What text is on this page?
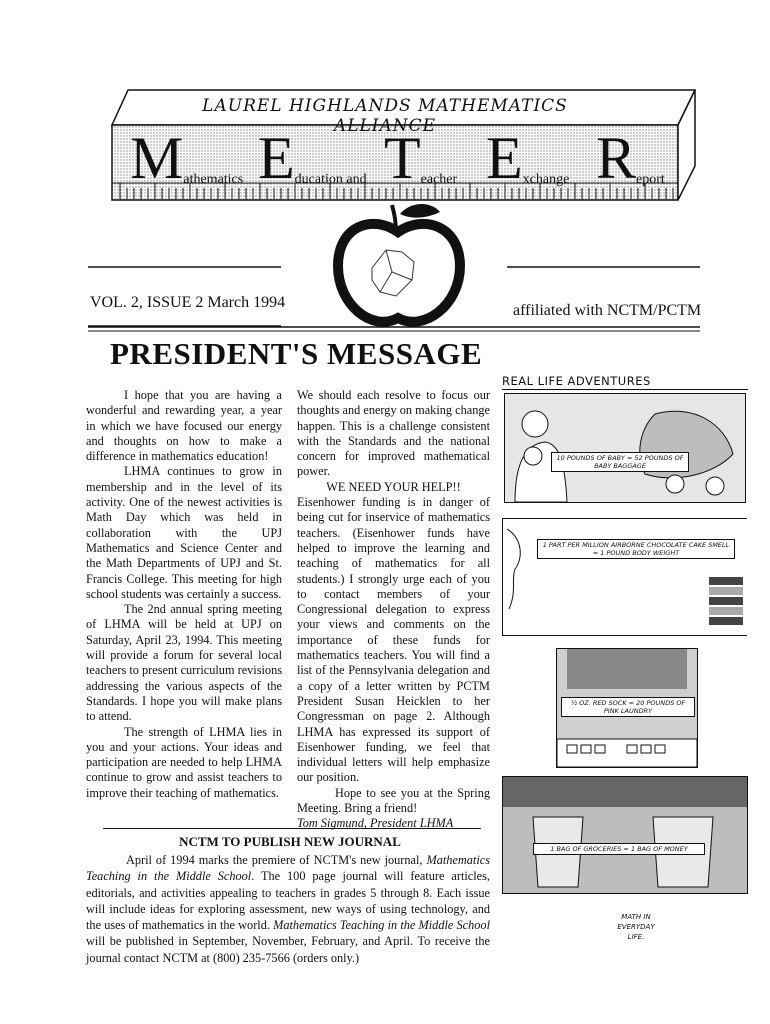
LAUREL HIGHLANDS MATHEMATICS ALLIANCE
M athematics E ducation and T eacher E xchange R eport
VOL. 2, ISSUE 2 March 1994	affiliated with NCTM/PCTM
PRESIDENT'S MESSAGE

I hope that you are having a wonderful and rewarding year, a year in which we have focused our energy and thoughts on how to make a difference in mathematics education!

LHMA continues to grow in membership and in the level of its activity. One of the newest activities is Math Day which was held in collaboration with the UPJ Mathematics and Science Center and the Math Departments of UPJ and St. Francis College. This meeting for high school students was certainly a success.

The 2nd annual spring meeting of LHMA will be held at UPJ on Saturday, April 23, 1994. This meeting will provide a forum for several local teachers to present curriculum revisions addressing the various aspects of the Standards. I hope you will make plans to attend.

The strength of LHMA lies in you and your actions. Your ideas and participation are needed to help LHMA continue to grow and assist teachers to improve their teaching of mathematics.

We should each resolve to focus our thoughts and energy on making change happen. This is a challenge consistent with the Standards and the national concern for improved mathematical power.

WE NEED YOUR HELP!!

Eisenhower funding is in danger of being cut for inservice of mathematics teachers. (Eisenhower funds have helped to improve the learning and teaching of mathematics for all students.) I strongly urge each of you to contact members of your Congressional delegation to express your views and comments on the importance of these funds for mathematics teachers. You will find a list of the Pennsylvania delegation and a copy of a letter written by PCTM President Susan Heicklen to her Congressman on page 2. Although LHMA has expressed its support of Eisenhower funding, we feel that individual letters will help emphasize our position.

Hope to see you at the Spring Meeting. Bring a friend!

Tom Sigmund, President LHMA

NCTM TO PUBLISH NEW JOURNAL
April of 1994 marks the premiere of NCTM's new journal, Mathematics Teaching in the Middle School. The 100 page journal will feature articles, editorials, and activities appealing to teachers in grades 5 through 8. Each issue will include ideas for exploring assessment, new ways of using technology, and the uses of mathematics in the world. Mathematics Teaching in the Middle School will be published in September, November, February, and April. To receive the journal contact NCTM at (800) 235-7566 (orders only.)
REAL LIFE ADVENTURES
10 POUNDS OF BABY = 52 POUNDS OF BABY BAGGAGE
1 PART PER MILLION AIRBORNE CHOCOLATE CAKE SMELL = 1 POUND BODY WEIGHT
½ OZ. RED SOCK = 20 POUNDS OF PINK LAUNDRY
1 BAG OF GROCERIES = 1 BAG OF MONEY
MATH IN EVERYDAY LIFE.
